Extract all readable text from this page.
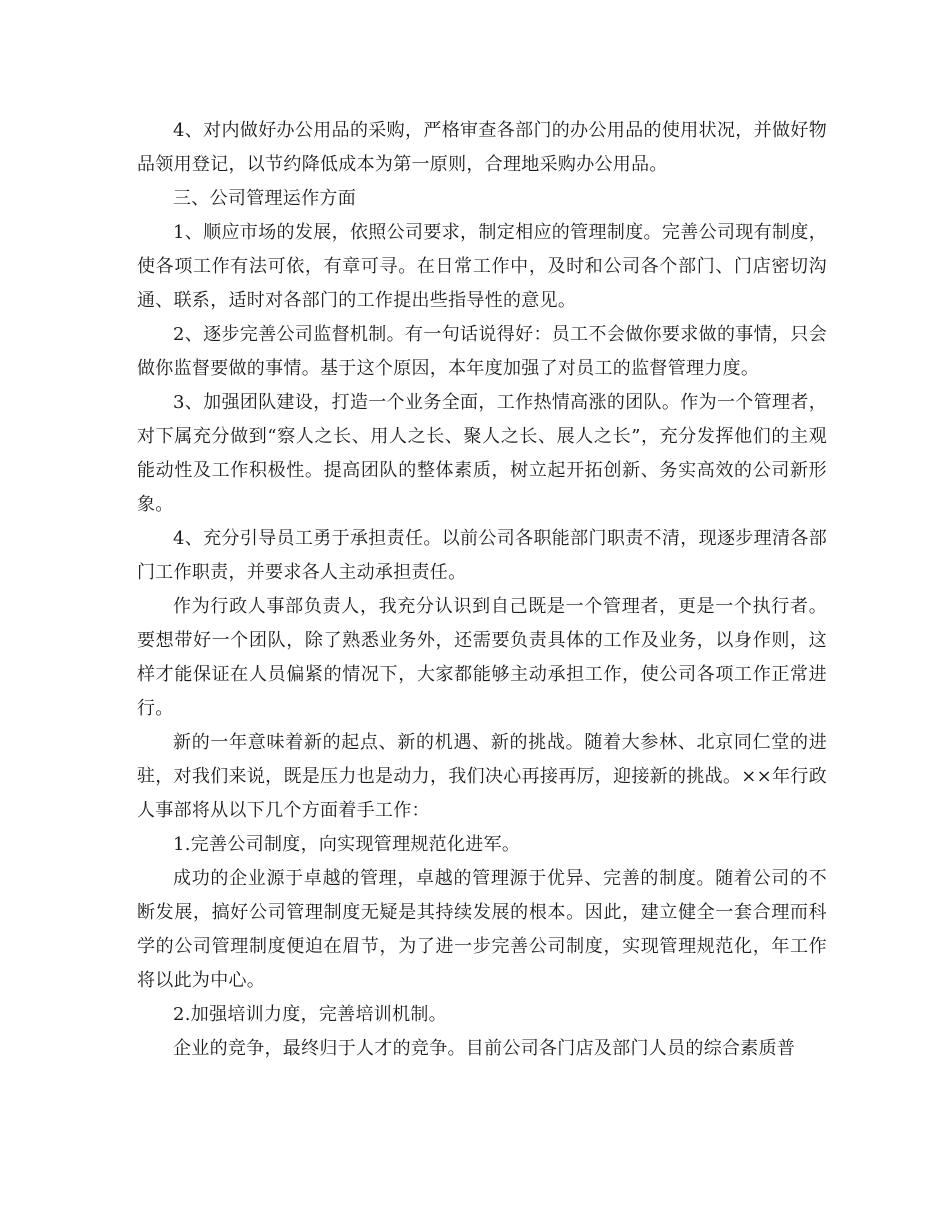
4、对内做好办公用品的采购，严格审查各部门的办公用品的使用状况，并做好物品领用登记，以节约降低成本为第一原则，合理地采购办公用品。

三、公司管理运作方面

1、顺应市场的发展，依照公司要求，制定相应的管理制度。完善公司现有制度，使各项工作有法可依，有章可寻。在日常工作中，及时和公司各个部门、门店密切沟通、联系，适时对各部门的工作提出些指导性的意见。

2、逐步完善公司监督机制。有一句话说得好：员工不会做你要求做的事情，只会做你监督要做的事情。基于这个原因，本年度加强了对员工的监督管理力度。

3、加强团队建设，打造一个业务全面，工作热情高涨的团队。作为一个管理者，对下属充分做到“察人之长、用人之长、聚人之长、展人之长”，充分发挥他们的主观能动性及工作积极性。提高团队的整体素质，树立起开拓创新、务实高效的公司新形象。

4、充分引导员工勇于承担责任。以前公司各职能部门职责不清，现逐步理清各部门工作职责，并要求各人主动承担责任。

作为行政人事部负责人，我充分认识到自己既是一个管理者，更是一个执行者。要想带好一个团队，除了熟悉业务外，还需要负责具体的工作及业务，以身作则，这样才能保证在人员偏紧的情况下，大家都能够主动承担工作，使公司各项工作正常进行。

新的一年意味着新的起点、新的机遇、新的挑战。随着大参林、北京同仁堂的进驻，对我们来说，既是压力也是动力，我们决心再接再厉，迎接新的挑战。××年行政人事部将从以下几个方面着手工作：

1.完善公司制度，向实现管理规范化进军。

成功的企业源于卓越的管理，卓越的管理源于优异、完善的制度。随着公司的不断发展，搞好公司管理制度无疑是其持续发展的根本。因此，建立健全一套合理而科学的公司管理制度便迫在眉节，为了进一步完善公司制度，实现管理规范化，年工作将以此为中心。

2.加强培训力度，完善培训机制。

企业的竞争，最终归于人才的竞争。目前公司各门店及部门人员的综合素质普
